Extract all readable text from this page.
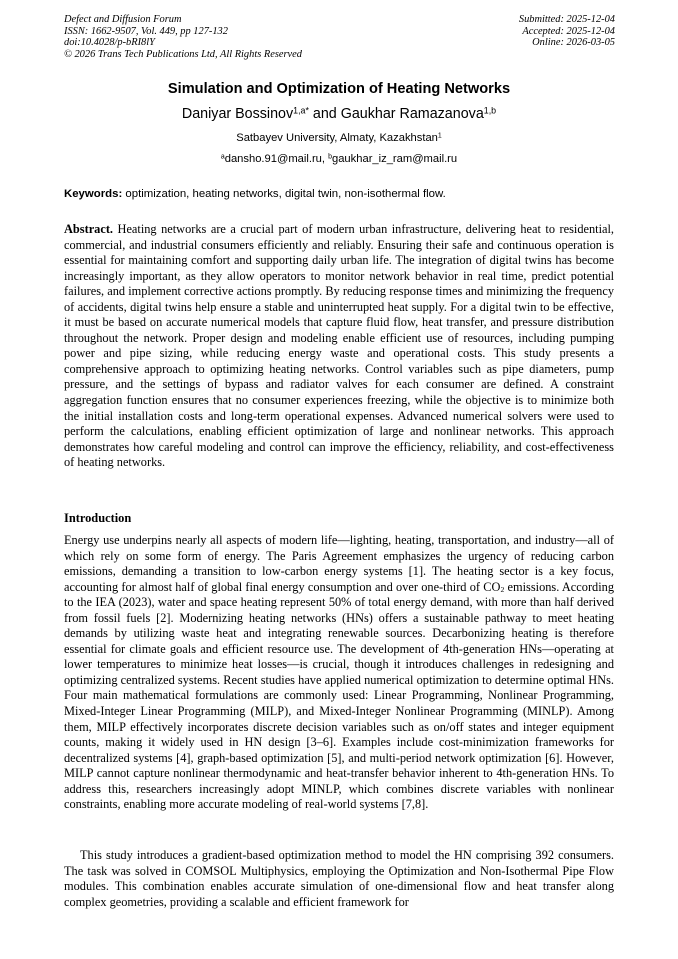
Defect and Diffusion Forum
ISSN: 1662-9507, Vol. 449, pp 127-132
doi:10.4028/p-bRI8lY
© 2026 Trans Tech Publications Ltd, All Rights Reserved
Submitted: 2025-12-04
Accepted: 2025-12-04
Online: 2026-03-05
Simulation and Optimization of Heating Networks
Daniyar Bossinov$^{1,a*}$ and Gaukhar Ramazanova$^{1,b}$
Satbayev University, Almaty, Kazakhstan$^1$
$^a$dansho.91@mail.ru, $^b$gaukhar_iz_ram@mail.ru
Keywords: optimization, heating networks, digital twin, non-isothermal flow.

Abstract. Heating networks are a crucial part of modern urban infrastructure, delivering heat to residential, commercial, and industrial consumers efficiently and reliably. Ensuring their safe and continuous operation is essential for maintaining comfort and supporting daily urban life. The integration of digital twins has become increasingly important, as they allow operators to monitor network behavior in real time, predict potential failures, and implement corrective actions promptly. By reducing response times and minimizing the frequency of accidents, digital twins help ensure a stable and uninterrupted heat supply. For a digital twin to be effective, it must be based on accurate numerical models that capture fluid flow, heat transfer, and pressure distribution throughout the network. Proper design and modeling enable efficient use of resources, including pumping power and pipe sizing, while reducing energy waste and operational costs. This study presents a comprehensive approach to optimizing heating networks. Control variables such as pipe diameters, pump pressure, and the settings of bypass and radiator valves for each consumer are defined. A constraint aggregation function ensures that no consumer experiences freezing, while the objective is to minimize both the initial installation costs and long-term operational expenses. Advanced numerical solvers were used to perform the calculations, enabling efficient optimization of large and nonlinear networks. This approach demonstrates how careful modeling and control can improve the efficiency, reliability, and cost-effectiveness of heating networks.

Introduction

Energy use underpins nearly all aspects of modern life—lighting, heating, transportation, and industry—all of which rely on some form of energy. The Paris Agreement emphasizes the urgency of reducing carbon emissions, demanding a transition to low-carbon energy systems [1]. The heating sector is a key focus, accounting for almost half of global final energy consumption and over one-third of $CO_2$ emissions. According to the IEA (2023), water and space heating represent 50% of total energy demand, with more than half derived from fossil fuels [2]. Modernizing heating networks (HNs) offers a sustainable pathway to meet heating demands by utilizing waste heat and integrating renewable sources. Decarbonizing heating is therefore essential for climate goals and efficient resource use. The development of 4th-generation HNs—operating at lower temperatures to minimize heat losses—is crucial, though it introduces challenges in redesigning and optimizing centralized systems. Recent studies have applied numerical optimization to determine optimal HNs. Four main mathematical formulations are commonly used: Linear Programming, Nonlinear Programming, Mixed-Integer Linear Programming (MILP), and Mixed-Integer Nonlinear Programming (MINLP). Among them, MILP effectively incorporates discrete decision variables such as on/off states and integer equipment counts, making it widely used in HN design [3–6]. Examples include cost-minimization frameworks for decentralized systems [4], graph-based optimization [5], and multi-period network optimization [6]. However, MILP cannot capture nonlinear thermodynamic and heat-transfer behavior inherent to 4th-generation HNs. To address this, researchers increasingly adopt MINLP, which combines discrete variables with nonlinear constraints, enabling more accurate modeling of real-world systems [7,8].

This study introduces a gradient-based optimization method to model the HN comprising 392 consumers. The task was solved in COMSOL Multiphysics, employing the Optimization and Non-Isothermal Pipe Flow modules. This combination enables accurate simulation of one-dimensional flow and heat transfer along complex geometries, providing a scalable and efficient framework for
